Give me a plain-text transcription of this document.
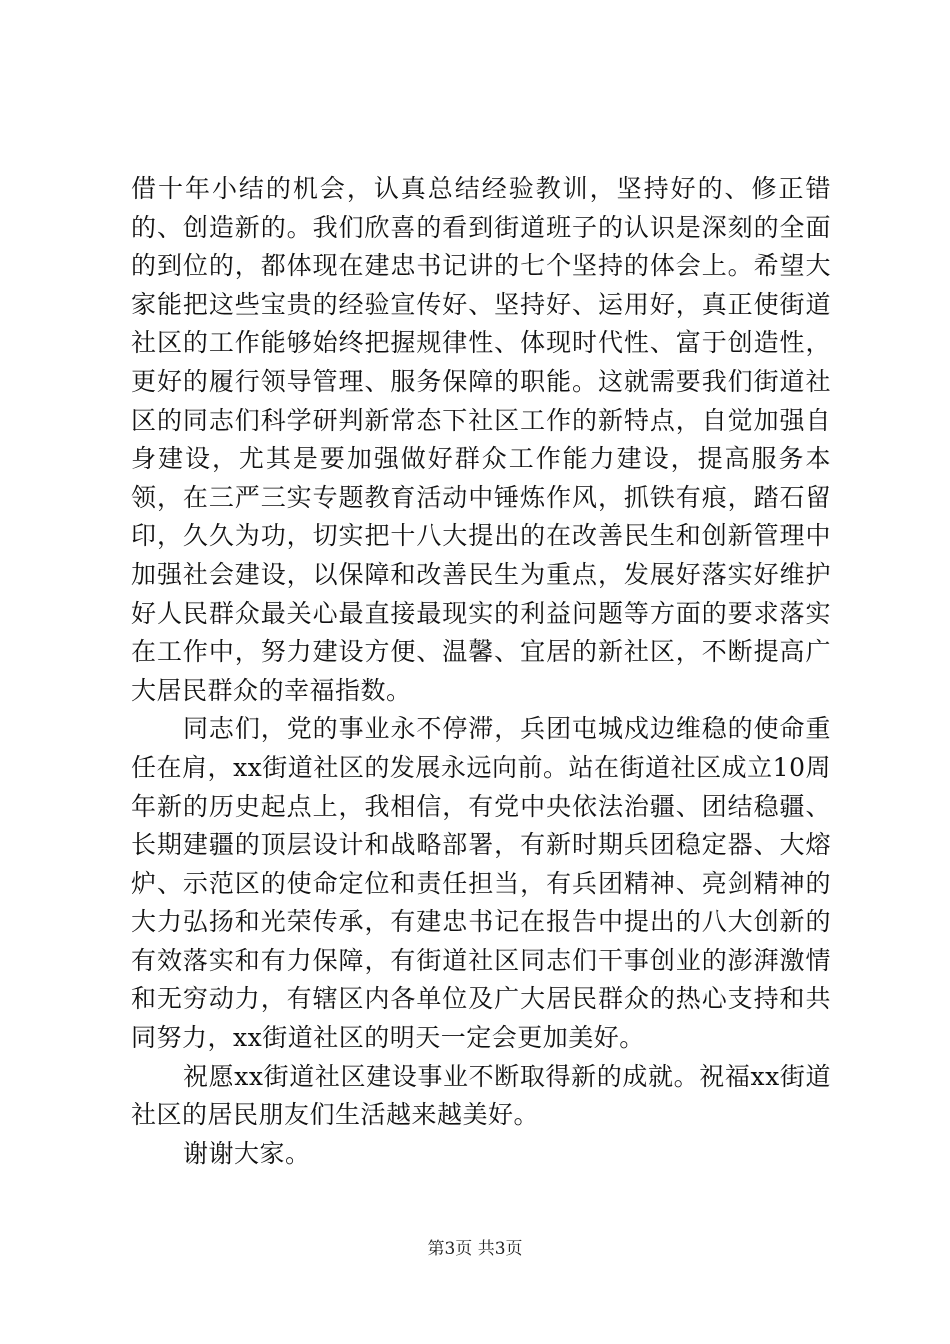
借十年小结的机会，认真总结经验教训，坚持好的、修正错的、创造新的。我们欣喜的看到街道班子的认识是深刻的全面的到位的，都体现在建忠书记讲的七个坚持的体会上。希望大家能把这些宝贵的经验宣传好、坚持好、运用好，真正使街道社区的工作能够始终把握规律性、体现时代性、富于创造性，更好的履行领导管理、服务保障的职能。这就需要我们街道社区的同志们科学研判新常态下社区工作的新特点，自觉加强自身建设，尤其是要加强做好群众工作能力建设，提高服务本领，在三严三实专题教育活动中锤炼作风，抓铁有痕，踏石留印，久久为功，切实把十八大提出的在改善民生和创新管理中加强社会建设，以保障和改善民生为重点，发展好落实好维护好人民群众最关心最直接最现实的利益问题等方面的要求落实在工作中，努力建设方便、温馨、宜居的新社区，不断提高广大居民群众的幸福指数。

同志们，党的事业永不停滞，兵团屯城戍边维稳的使命重任在肩，xx街道社区的发展永远向前。站在街道社区成立10周年新的历史起点上，我相信，有党中央依法治疆、团结稳疆、长期建疆的顶层设计和战略部署，有新时期兵团稳定器、大熔炉、示范区的使命定位和责任担当，有兵团精神、亮剑精神的大力弘扬和光荣传承，有建忠书记在报告中提出的八大创新的有效落实和有力保障，有街道社区同志们干事创业的澎湃激情和无穷动力，有辖区内各单位及广大居民群众的热心支持和共同努力，xx街道社区的明天一定会更加美好。

祝愿xx街道社区建设事业不断取得新的成就。祝福xx街道社区的居民朋友们生活越来越美好。

谢谢大家。

第3页 共3页
